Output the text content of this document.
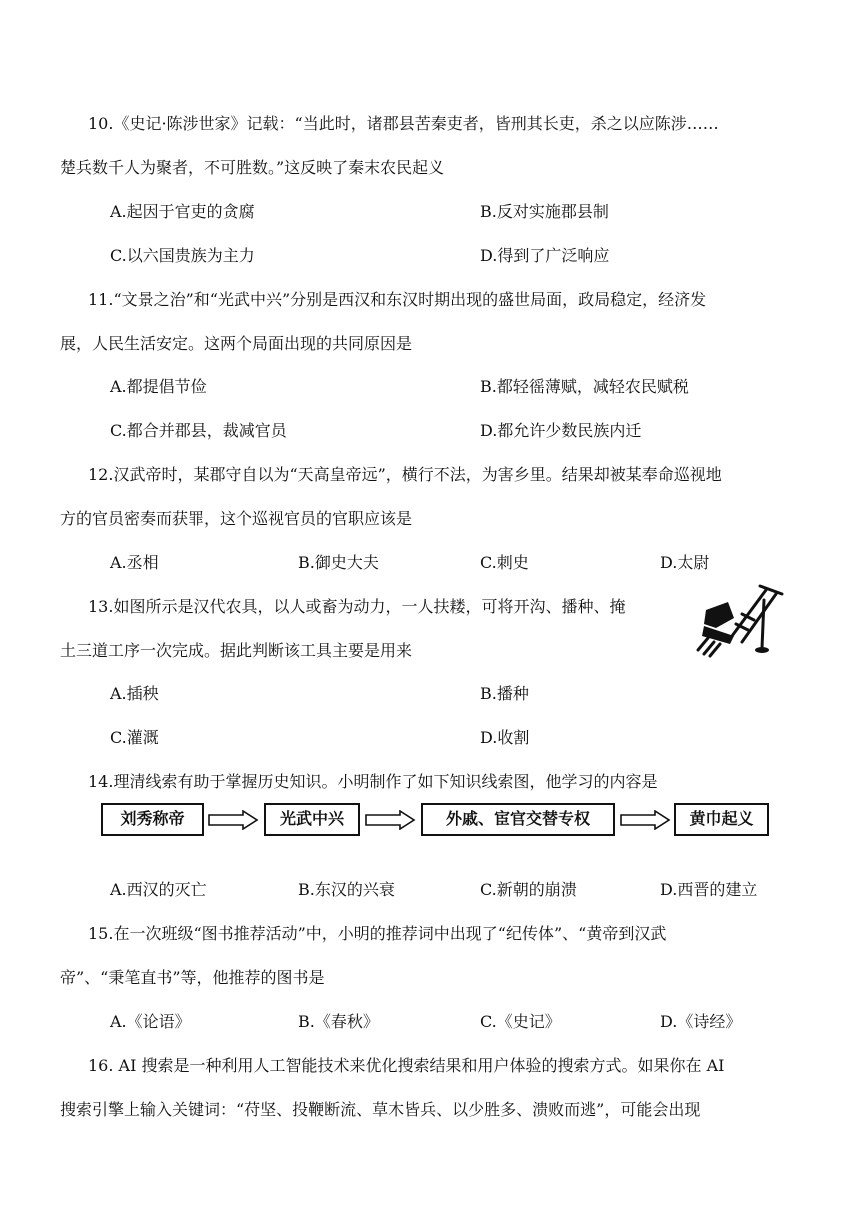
10.《史记·陈涉世家》记载：“当此时，诸郡县苦秦吏者，皆刑其长吏，杀之以应陈涉……
楚兵数千人为聚者，不可胜数。”这反映了秦末农民起义
A.起因于官吏的贪腐	B.反对实施郡县制
C.以六国贵族为主力	D.得到了广泛响应
11.“文景之治”和“光武中兴”分别是西汉和东汉时期出现的盛世局面，政局稳定，经济发
展，人民生活安定。这两个局面出现的共同原因是
A.都提倡节俭	B.都轻徭薄赋，减轻农民赋税
C.都合并郡县，裁减官员	D.都允许少数民族内迁
12.汉武帝时，某郡守自以为“天高皇帝远”，横行不法，为害乡里。结果却被某奉命巡视地
方的官员密奏而获罪，这个巡视官员的官职应该是
A.丞相	B.御史大夫	C.刺史	D.太尉
13.如图所示是汉代农具，以人或畜为动力，一人扶耧，可将开沟、播种、掩
土三道工序一次完成。据此判断该工具主要是用来
A.插秧	B.播种
C.灌溉	D.收割
14.理清线索有助于掌握历史知识。小明制作了如下知识线索图，他学习的内容是
刘秀称帝	光武中兴	外戚、宦官交替专权	黄巾起义
A.西汉的灭亡	B.东汉的兴衰	C.新朝的崩溃	D.西晋的建立
15.在一次班级“图书推荐活动”中，小明的推荐词中出现了“纪传体”、“黄帝到汉武
帝”、“秉笔直书”等，他推荐的图书是
A.《论语》	B.《春秋》	C.《史记》	D.《诗经》
16. AI 搜索是一种利用人工智能技术来优化搜索结果和用户体验的搜索方式。如果你在 AI
搜索引擎上输入关键词：“苻坚、投鞭断流、草木皆兵、以少胜多、溃败而逃”，可能会出现
